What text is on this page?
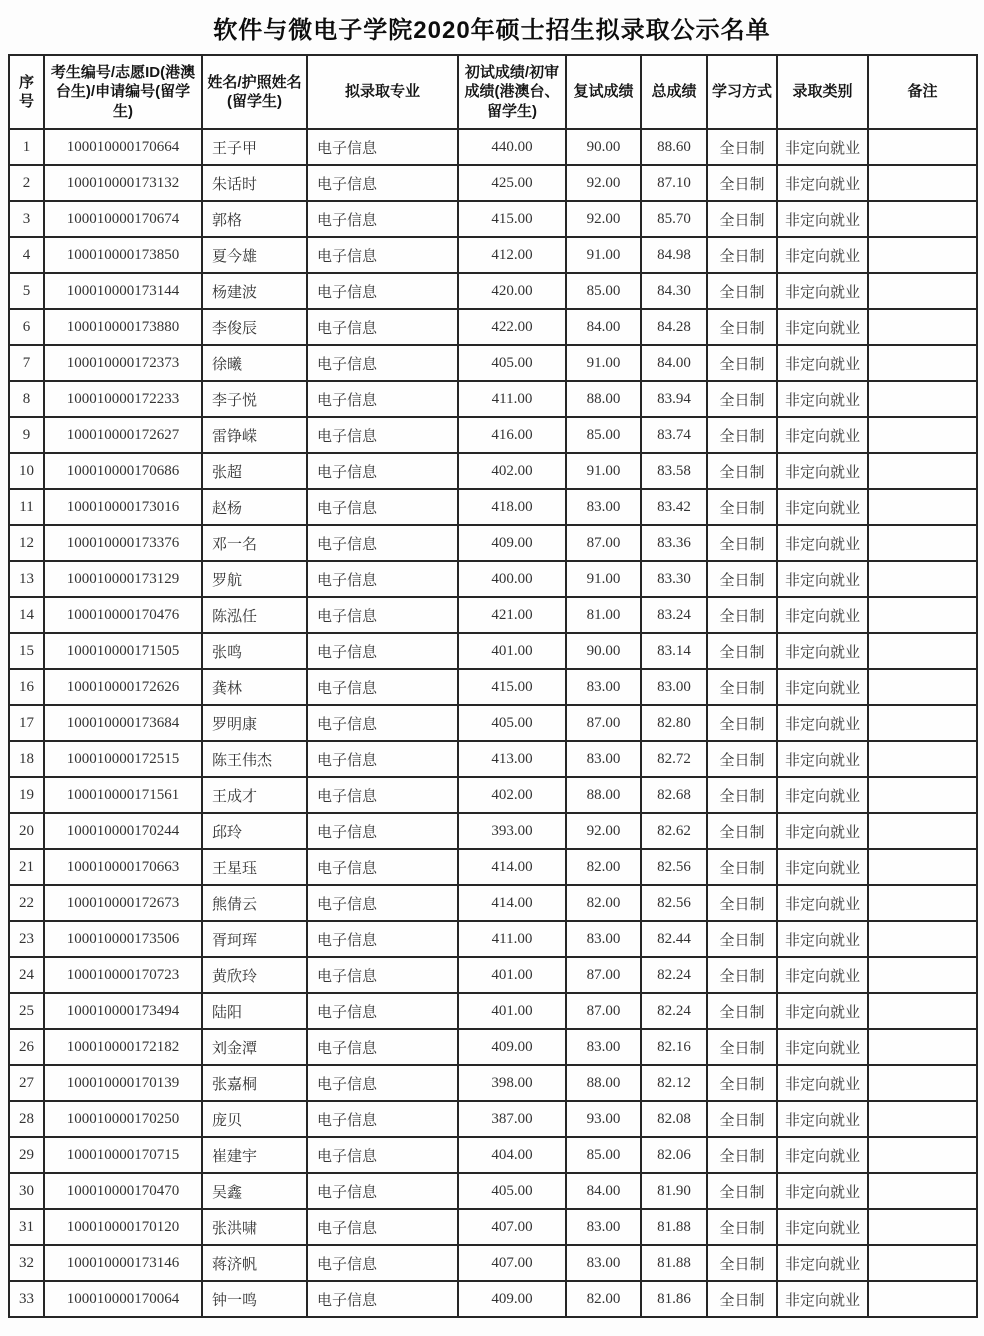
软件与微电子学院2020年硕士招生拟录取公示名单
序号	考生编号/志愿ID(港澳台生)/申请编号(留学生)	姓名/护照姓名(留学生)	拟录取专业	初试成绩/初审成绩(港澳台、留学生)	复试成绩	总成绩	学习方式	录取类别	备注
1	100010000170664	王子甲	电子信息	440.00	90.00	88.60	全日制	非定向就业	
2	100010000173132	朱话时	电子信息	425.00	92.00	87.10	全日制	非定向就业	
3	100010000170674	郭格	电子信息	415.00	92.00	85.70	全日制	非定向就业	
4	100010000173850	夏今雄	电子信息	412.00	91.00	84.98	全日制	非定向就业	
5	100010000173144	杨建波	电子信息	420.00	85.00	84.30	全日制	非定向就业	
6	100010000173880	李俊辰	电子信息	422.00	84.00	84.28	全日制	非定向就业	
7	100010000172373	徐曦	电子信息	405.00	91.00	84.00	全日制	非定向就业	
8	100010000172233	李子悦	电子信息	411.00	88.00	83.94	全日制	非定向就业	
9	100010000172627	雷铮嵘	电子信息	416.00	85.00	83.74	全日制	非定向就业	
10	100010000170686	张超	电子信息	402.00	91.00	83.58	全日制	非定向就业	
11	100010000173016	赵杨	电子信息	418.00	83.00	83.42	全日制	非定向就业	
12	100010000173376	邓一名	电子信息	409.00	87.00	83.36	全日制	非定向就业	
13	100010000173129	罗航	电子信息	400.00	91.00	83.30	全日制	非定向就业	
14	100010000170476	陈泓任	电子信息	421.00	81.00	83.24	全日制	非定向就业	
15	100010000171505	张鸣	电子信息	401.00	90.00	83.14	全日制	非定向就业	
16	100010000172626	龚林	电子信息	415.00	83.00	83.00	全日制	非定向就业	
17	100010000173684	罗明康	电子信息	405.00	87.00	82.80	全日制	非定向就业	
18	100010000172515	陈王伟杰	电子信息	413.00	83.00	82.72	全日制	非定向就业	
19	100010000171561	王成才	电子信息	402.00	88.00	82.68	全日制	非定向就业	
20	100010000170244	邱玲	电子信息	393.00	92.00	82.62	全日制	非定向就业	
21	100010000170663	王星珏	电子信息	414.00	82.00	82.56	全日制	非定向就业	
22	100010000172673	熊倩云	电子信息	414.00	82.00	82.56	全日制	非定向就业	
23	100010000173506	胥珂珲	电子信息	411.00	83.00	82.44	全日制	非定向就业	
24	100010000170723	黄欣玲	电子信息	401.00	87.00	82.24	全日制	非定向就业	
25	100010000173494	陆阳	电子信息	401.00	87.00	82.24	全日制	非定向就业	
26	100010000172182	刘金潭	电子信息	409.00	83.00	82.16	全日制	非定向就业	
27	100010000170139	张嘉桐	电子信息	398.00	88.00	82.12	全日制	非定向就业	
28	100010000170250	庞贝	电子信息	387.00	93.00	82.08	全日制	非定向就业	
29	100010000170715	崔建宇	电子信息	404.00	85.00	82.06	全日制	非定向就业	
30	100010000170470	吴鑫	电子信息	405.00	84.00	81.90	全日制	非定向就业	
31	100010000170120	张洪啸	电子信息	407.00	83.00	81.88	全日制	非定向就业	
32	100010000173146	蒋济帆	电子信息	407.00	83.00	81.88	全日制	非定向就业	
33	100010000170064	钟一鸣	电子信息	409.00	82.00	81.86	全日制	非定向就业	
